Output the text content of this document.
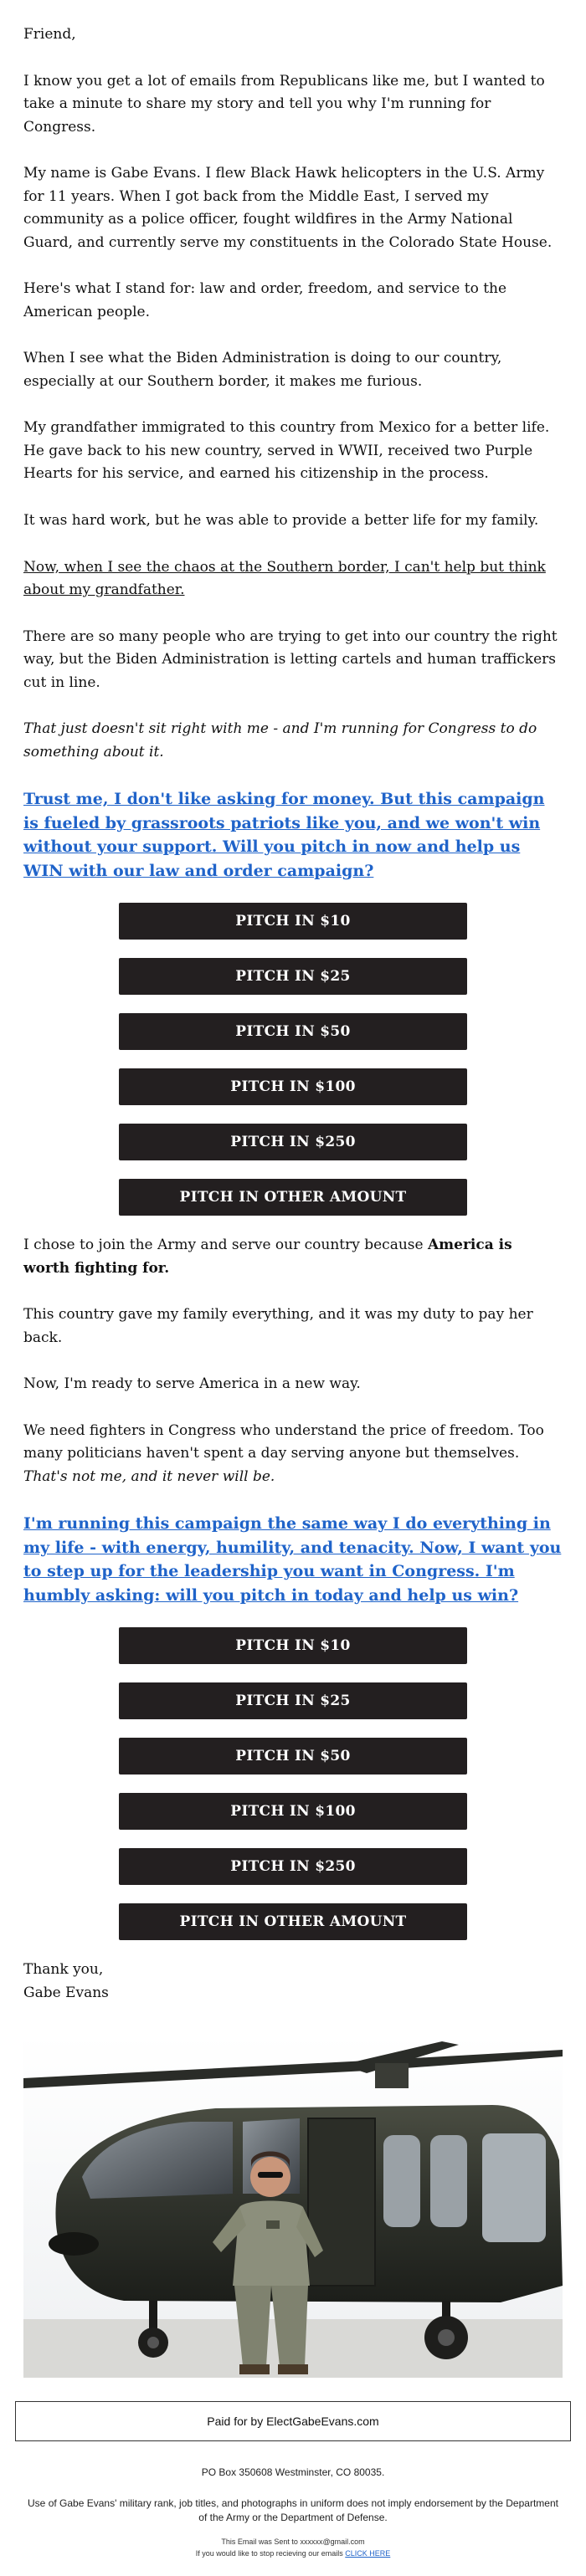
Friend,

I know you get a lot of emails from Republicans like me, but I wanted to take a minute to share my story and tell you why I'm running for Congress.

My name is Gabe Evans. I flew Black Hawk helicopters in the U.S. Army for 11 years. When I got back from the Middle East, I served my community as a police officer, fought wildfires in the Army National Guard, and currently serve my constituents in the Colorado State House.

Here's what I stand for: law and order, freedom, and service to the American people.

When I see what the Biden Administration is doing to our country, especially at our Southern border, it makes me furious.

My grandfather immigrated to this country from Mexico for a better life. He gave back to his new country, served in WWII, received two Purple Hearts for his service, and earned his citizenship in the process.

It was hard work, but he was able to provide a better life for my family.

Now, when I see the chaos at the Southern border, I can't help but think about my grandfather.

There are so many people who are trying to get into our country the right way, but the Biden Administration is letting cartels and human traffickers cut in line.

That just doesn't sit right with me - and I'm running for Congress to do something about it.

Trust me, I don't like asking for money. But this campaign is fueled by grassroots patriots like you, and we won't win without your support. Will you pitch in now and help us WIN with our law and order campaign?
PITCH IN $10
PITCH IN $25
PITCH IN $50
PITCH IN $100
PITCH IN $250
PITCH IN OTHER AMOUNT

I chose to join the Army and serve our country because America is worth fighting for.

This country gave my family everything, and it was my duty to pay her back.

Now, I'm ready to serve America in a new way.

We need fighters in Congress who understand the price of freedom. Too many politicians haven't spent a day serving anyone but themselves. That's not me, and it never will be.

I'm running this campaign the same way I do everything in my life - with energy, humility, and tenacity. Now, I want you to step up for the leadership you want in Congress. I'm humbly asking: will you pitch in today and help us win?
PITCH IN $10
PITCH IN $25
PITCH IN $50
PITCH IN $100
PITCH IN $250
PITCH IN OTHER AMOUNT
Thank you,
Gabe Evans
Paid for by ElectGabeEvans.com
PO Box 350608 Westminster, CO 80035.
Use of Gabe Evans' military rank, job titles, and photographs in uniform does not imply endorsement by the Department of the Army or the Department of Defense.
This Email was Sent to xxxxxx@gmail.com
If you would like to stop recieving our emails CLICK HERE
